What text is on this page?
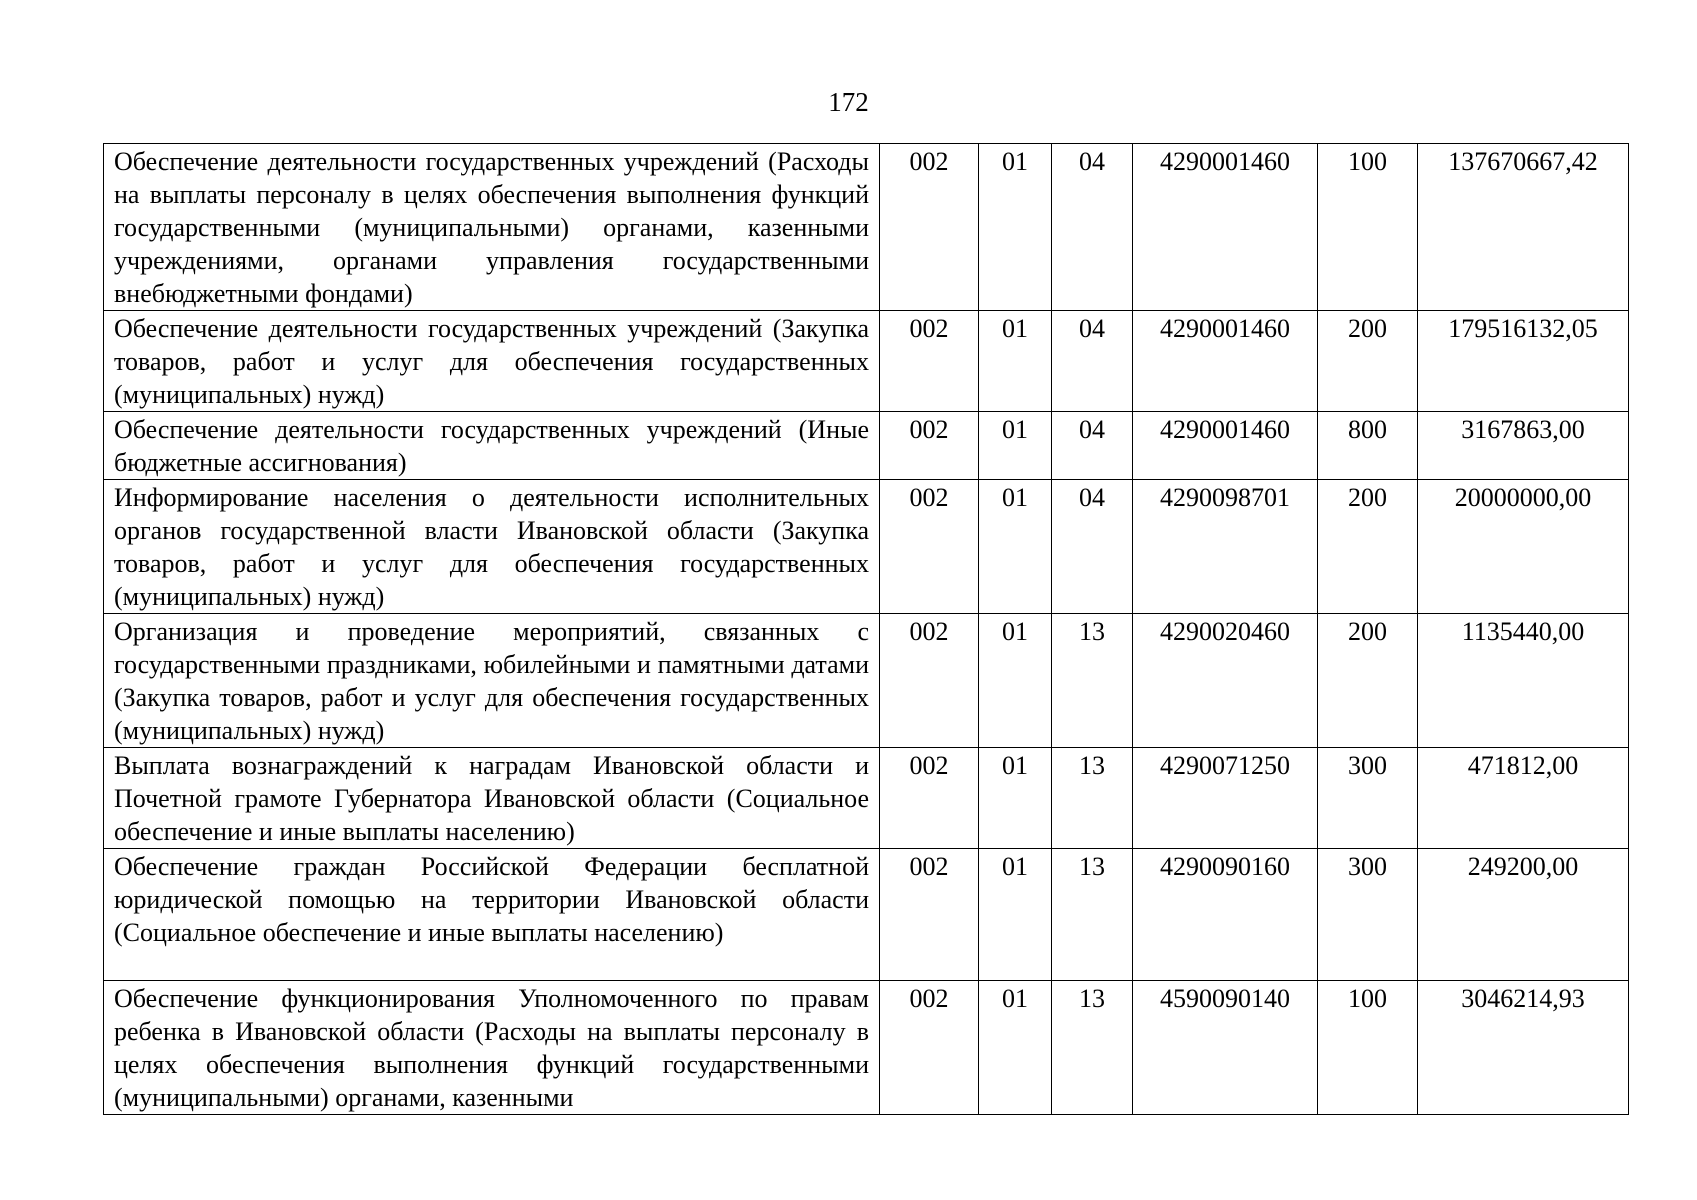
172
Обеспечение деятельности государственных учреждений (Расходы на выплаты персоналу в целях обеспечения выполнения функций государственными (муниципальными) органами, казенными учреждениями, органами управления государственными внебюджетными фондами)	002	01	04	4290001460	100	137670667,42
Обеспечение деятельности государственных учреждений (Закупка товаров, работ и услуг для обеспечения государственных (муниципальных) нужд)	002	01	04	4290001460	200	179516132,05
Обеспечение деятельности государственных учреждений (Иные бюджетные ассигнования)	002	01	04	4290001460	800	3167863,00
Информирование населения о деятельности исполнительных органов государственной власти Ивановской области (Закупка товаров, работ и услуг для обеспечения государственных (муниципальных) нужд)	002	01	04	4290098701	200	20000000,00
Организация и проведение мероприятий, связанных с государственными праздниками, юбилейными и памятными датами (Закупка товаров, работ и услуг для обеспечения государственных (муниципальных) нужд)	002	01	13	4290020460	200	1135440,00
Выплата вознаграждений к наградам Ивановской области и Почетной грамоте Губернатора Ивановской области (Социальное обеспечение и иные выплаты населению)	002	01	13	4290071250	300	471812,00
Обеспечение граждан Российской Федерации бесплатной юридической помощью на территории Ивановской области (Социальное обеспечение и иные выплаты населению)	002	01	13	4290090160	300	249200,00
Обеспечение функционирования Уполномоченного по правам ребенка в Ивановской области (Расходы на выплаты персоналу в целях обеспечения выполнения функций государственными (муниципальными) органами, казенными	002	01	13	4590090140	100	3046214,93
